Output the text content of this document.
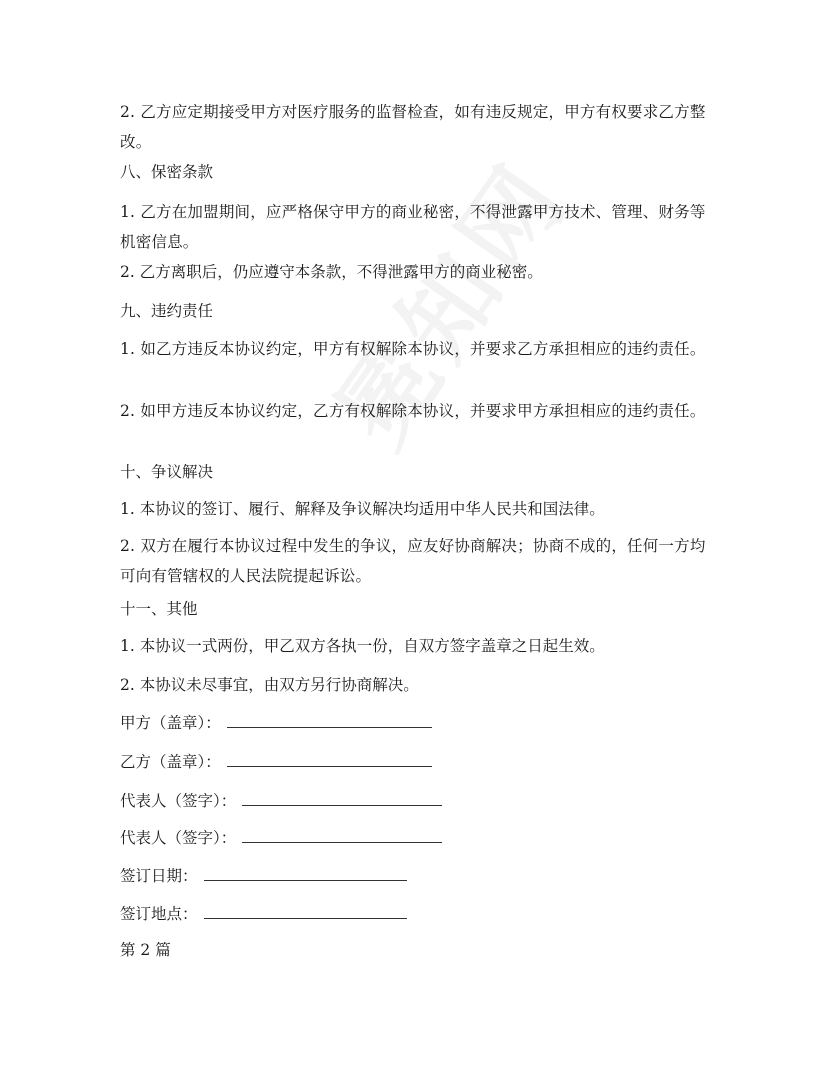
2. 乙方应定期接受甲方对医疗服务的监督检查，如有违反规定，甲方有权要求乙方整改。
八、保密条款
1. 乙方在加盟期间，应严格保守甲方的商业秘密，不得泄露甲方技术、管理、财务等机密信息。
2. 乙方离职后，仍应遵守本条款，不得泄露甲方的商业秘密。
九、违约责任
1. 如乙方违反本协议约定，甲方有权解除本协议，并要求乙方承担相应的违约责任。
2. 如甲方违反本协议约定，乙方有权解除本协议，并要求甲方承担相应的违约责任。
十、争议解决
1. 本协议的签订、履行、解释及争议解决均适用中华人民共和国法律。
2. 双方在履行本协议过程中发生的争议，应友好协商解决；协商不成的，任何一方均可向有管辖权的人民法院提起诉讼。
十一、其他
1. 本协议一式两份，甲乙双方各执一份，自双方签字盖章之日起生效。
2. 本协议未尽事宜，由双方另行协商解决。
甲方（盖章）：
乙方（盖章）：
代表人（签字）：
代表人（签字）：
签订日期：
签订地点：
第 2 篇
